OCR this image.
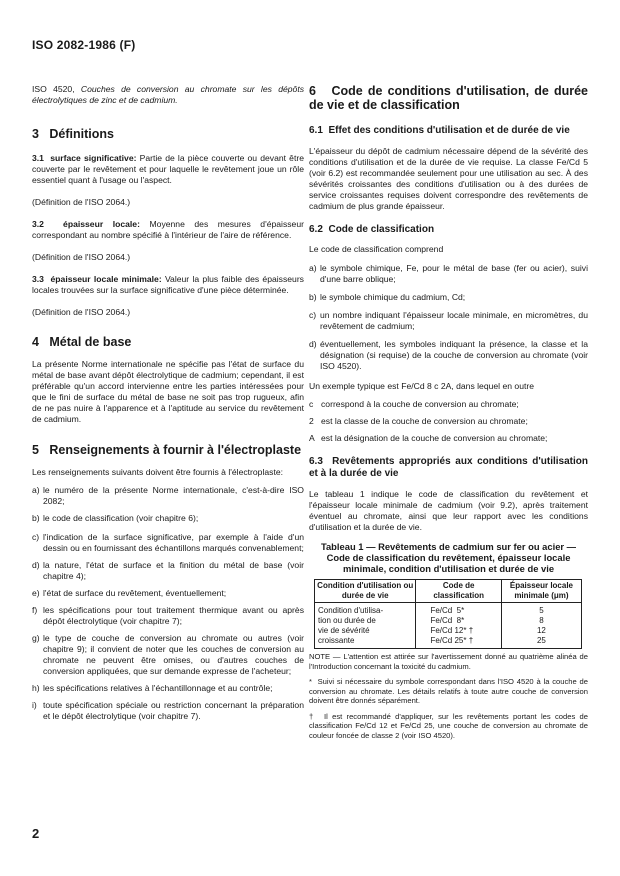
ISO 2082-1986 (F)

ISO 4520, Couches de conversion au chromate sur les dépôts électrolytiques de zinc et de cadmium.

3 Définitions

3.1 surface significative: Partie de la pièce couverte ou devant être couverte par le revêtement et pour laquelle le revêtement joue un rôle essentiel quant à l'usage ou l'aspect.

(Définition de l'ISO 2064.)

3.2 épaisseur locale: Moyenne des mesures d'épaisseur correspondant au nombre spécifié à l'intérieur de l'aire de référence.

(Définition de l'ISO 2064.)

3.3 épaisseur locale minimale: Valeur la plus faible des épaisseurs locales trouvées sur la surface significative d'une pièce déterminée.

(Définition de l'ISO 2064.)

4 Métal de base

La présente Norme internationale ne spécifie pas l'état de surface du métal de base avant dépôt électrolytique de cadmium; cependant, il est préférable qu'un accord intervienne entre les parties intéressées pour que le fini de surface du métal de base ne soit pas trop rugueux, afin de ne pas nuire à l'apparence et à l'aptitude au service du revêtement de cadmium.

5 Renseignements à fournir à l'électroplaste

Les renseignements suivants doivent être fournis à l'électroplaste:

a) le numéro de la présente Norme internationale, c'est-à-dire ISO 2082;
b) le code de classification (voir chapitre 6);
c) l'indication de la surface significative, par exemple à l'aide d'un dessin ou en fournissant des échantillons marqués convenablement;
d) la nature, l'état de surface et la finition du métal de base (voir chapitre 4);
e) l'état de surface du revêtement, éventuellement;
f) les spécifications pour tout traitement thermique avant ou après dépôt électrolytique (voir chapitre 7);
g) le type de couche de conversion au chromate ou autres (voir chapitre 9); il convient de noter que les couches de conversion au chromate ne peuvent être omises, ou d'autres couches de conversion appliquées, que sur demande expresse de l'acheteur;
h) les spécifications relatives à l'échantillonnage et au contrôle;
i) toute spécification spéciale ou restriction concernant la préparation et le dépôt électrolytique (voir chapitre 7).

6 Code de conditions d'utilisation, de durée de vie et de classification

6.1 Effet des conditions d'utilisation et de durée de vie

L'épaisseur du dépôt de cadmium nécessaire dépend de la sévérité des conditions d'utilisation et de la durée de vie requise. La classe Fe/Cd 5 (voir 6.2) est recommandée seulement pour une utilisation au sec. À des sévérités croissantes des conditions d'utilisation ou à des durées de service croissantes requises doivent correspondre des revêtements de cadmium de plus grande épaisseur.

6.2 Code de classification

Le code de classification comprend

a) le symbole chimique, Fe, pour le métal de base (fer ou acier), suivi d'une barre oblique;
b) le symbole chimique du cadmium, Cd;
c) un nombre indiquant l'épaisseur locale minimale, en micromètres, du revêtement de cadmium;
d) éventuellement, les symboles indiquant la présence, la classe et la désignation (si requise) de la couche de conversion au chromate (voir ISO 4520).

Un exemple typique est Fe/Cd 8 c 2A, dans lequel en outre

c correspond à la couche de conversion au chromate;
2 est la classe de la couche de conversion au chromate;
A est la désignation de la couche de conversion au chromate;

6.3 Revêtements appropriés aux conditions d'utilisation et à la durée de vie

Le tableau 1 indique le code de classification du revêtement et l'épaisseur locale minimale de cadmium (voir 9.2), après traitement éventuel au chromate, ainsi que leur rapport avec les conditions d'utilisation et la durée de vie.

Tableau 1 — Revêtements de cadmium sur fer ou acier — Code de classification du revêtement, épaisseur locale minimale, condition d'utilisation et durée de vie

Condition d'utilisation ou durée de vie	Code de classification	Épaisseur locale minimale (μm)
Condition d'utilisa-	Fe/Cd  5*	5
tion ou durée de	Fe/Cd  8*	8
vie de sévérité	Fe/Cd 12* †	12
croissante	Fe/Cd 25* †	25

NOTE — L'attention est attirée sur l'avertissement donné au quatrième alinéa de l'Introduction concernant la toxicité du cadmium.

* Suivi si nécessaire du symbole correspondant dans l'ISO 4520 à la couche de conversion au chromate. Les détails relatifs à toute autre couche de conversion doivent être donnés séparément.

† Il est recommandé d'appliquer, sur les revêtements portant les codes de classification Fe/Cd 12 et Fe/Cd 25, une couche de conversion au chromate de couleur foncée de classe 2 (voir ISO 4520).

2
